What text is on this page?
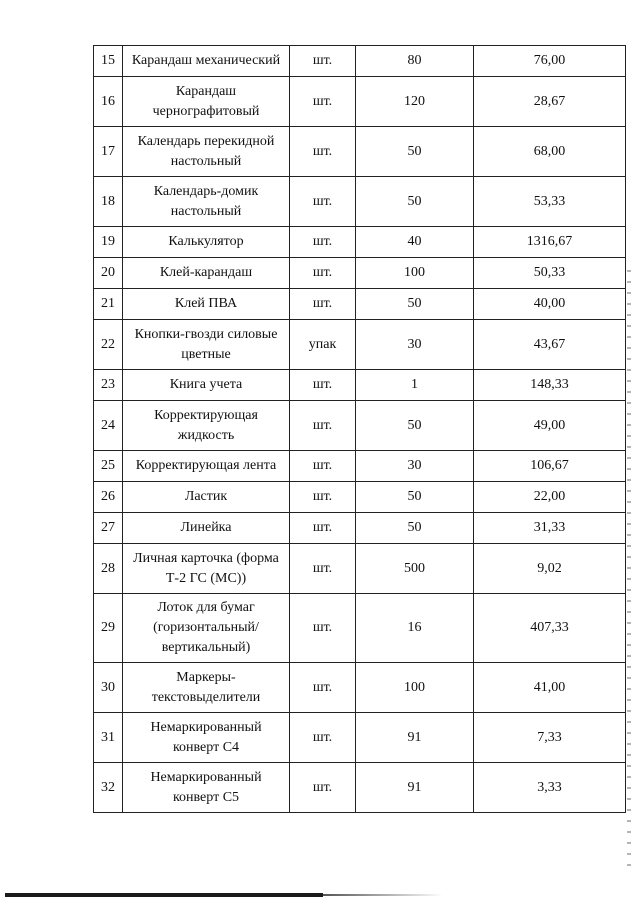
15	Карандаш механический	шт.	80	76,00
16	Карандаш чернографитовый	шт.	120	28,67
17	Календарь перекидной настольный	шт.	50	68,00
18	Календарь-домик настольный	шт.	50	53,33
19	Калькулятор	шт.	40	1316,67
20	Клей-карандаш	шт.	100	50,33
21	Клей ПВА	шт.	50	40,00
22	Кнопки-гвозди силовые цветные	упак	30	43,67
23	Книга учета	шт.	1	148,33
24	Корректирующая жидкость	шт.	50	49,00
25	Корректирующая лента	шт.	30	106,67
26	Ластик	шт.	50	22,00
27	Линейка	шт.	50	31,33
28	Личная карточка (форма Т-2 ГС (МС))	шт.	500	9,02
29	Лоток для бумаг (горизонтальный/вертикальный)	шт.	16	407,33
30	Маркеры-текстовыделители	шт.	100	41,00
31	Немаркированный конверт С4	шт.	91	7,33
32	Немаркированный конверт С5	шт.	91	3,33
